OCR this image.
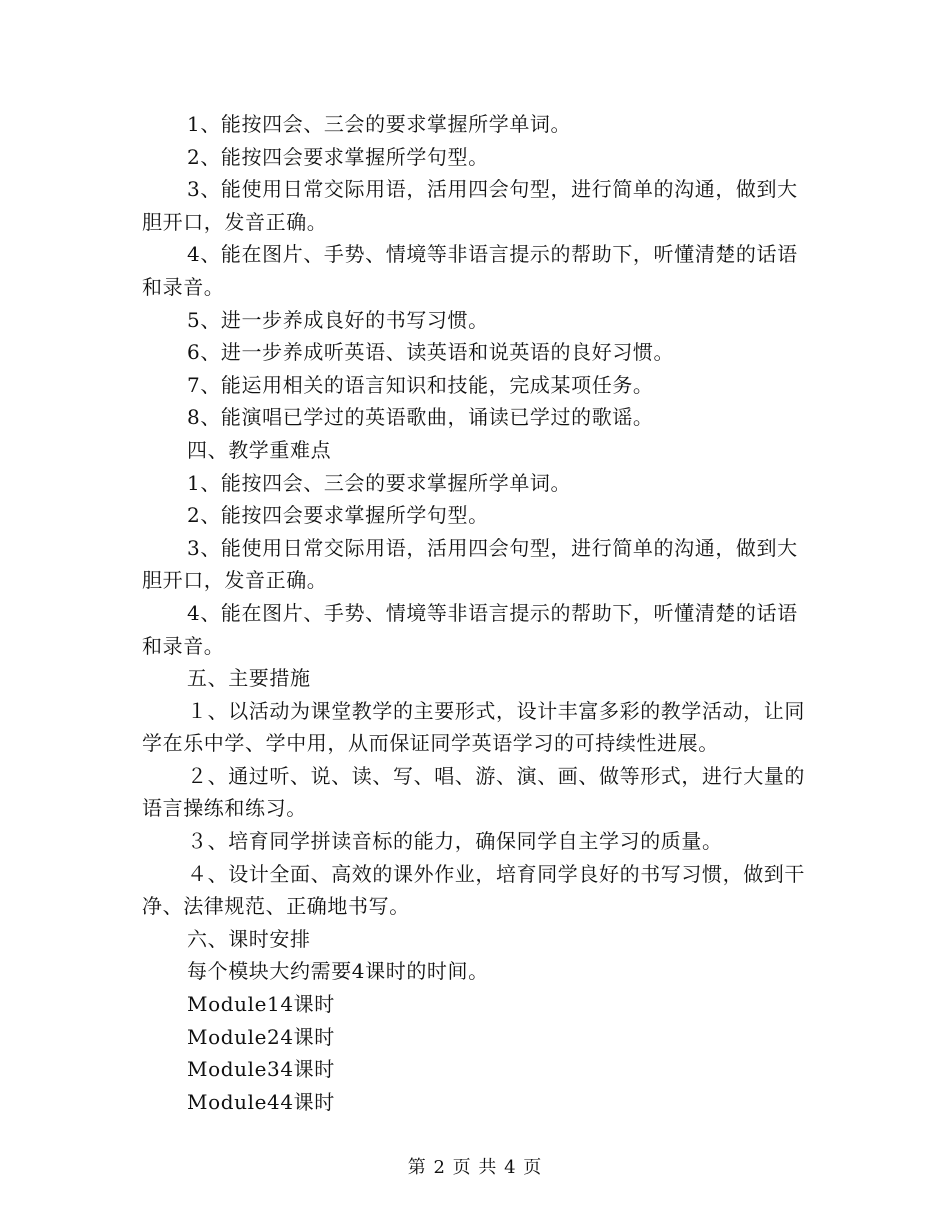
1、能按四会、三会的要求掌握所学单词。

2、能按四会要求掌握所学句型。

3、能使用日常交际用语，活用四会句型，进行简单的沟通，做到大胆开口，发音正确。

4、能在图片、手势、情境等非语言提示的帮助下，听懂清楚的话语和录音。

5、进一步养成良好的书写习惯。

6、进一步养成听英语、读英语和说英语的良好习惯。

7、能运用相关的语言知识和技能，完成某项任务。

8、能演唱已学过的英语歌曲，诵读已学过的歌谣。

四、教学重难点

1、能按四会、三会的要求掌握所学单词。

2、能按四会要求掌握所学句型。

3、能使用日常交际用语，活用四会句型，进行简单的沟通，做到大胆开口，发音正确。

4、能在图片、手势、情境等非语言提示的帮助下，听懂清楚的话语和录音。

五、主要措施

１、以活动为课堂教学的主要形式，设计丰富多彩的教学活动，让同学在乐中学、学中用，从而保证同学英语学习的可持续性进展。

２、通过听、说、读、写、唱、游、演、画、做等形式，进行大量的语言操练和练习。

３、培育同学拼读音标的能力，确保同学自主学习的质量。

４、设计全面、高效的课外作业，培育同学良好的书写习惯，做到干净、法律规范、正确地书写。

六、课时安排

每个模块大约需要4课时的时间。

Module14课时

Module24课时

Module34课时

Module44课时

第 2 页 共 4 页
